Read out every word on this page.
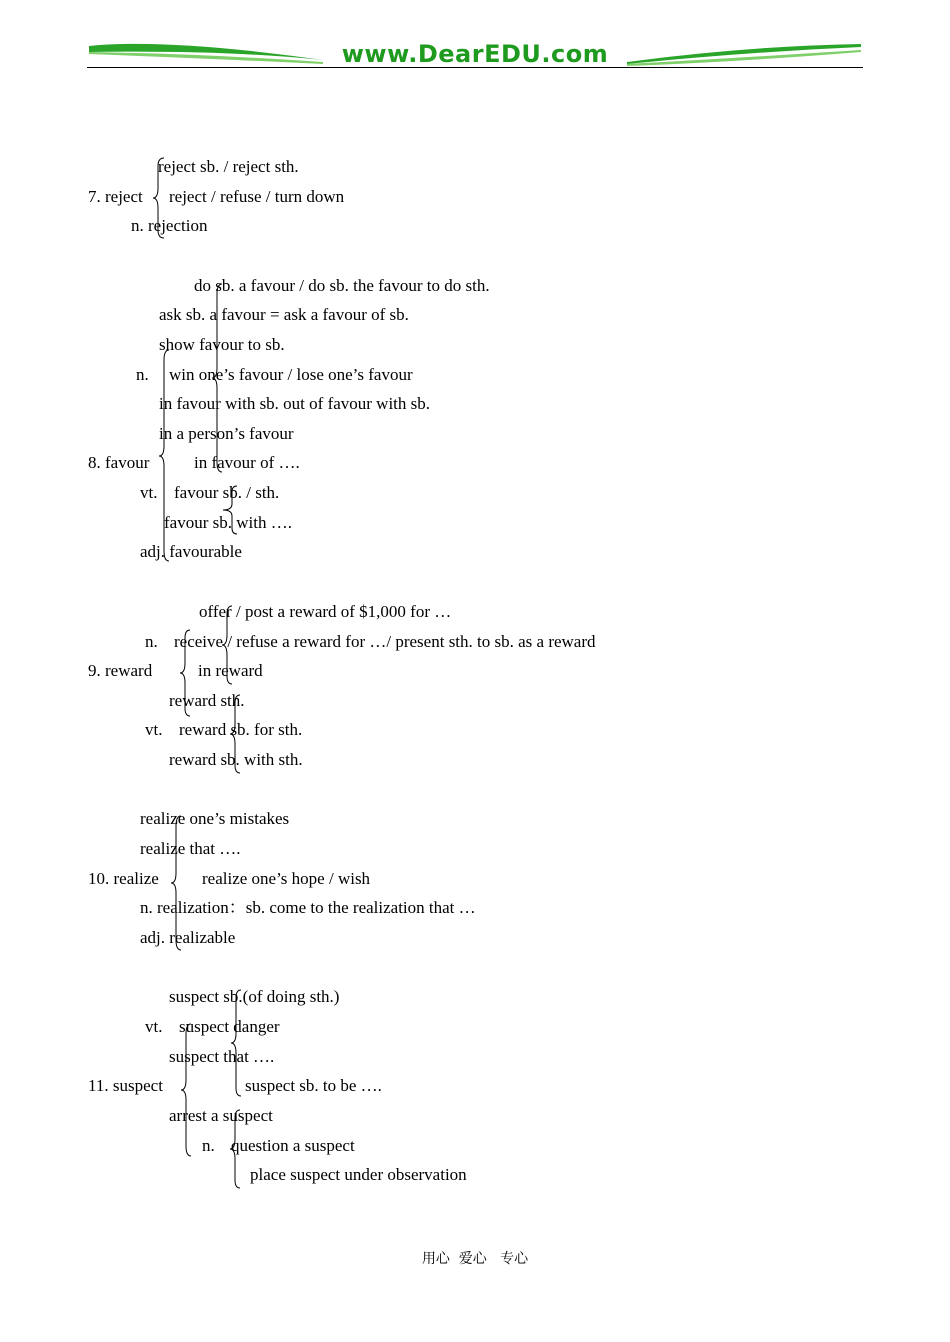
www.DearEDU.com
reject sb. / reject sth.
7. reject reject / refuse / turn down
n. rejection
do sb. a favour / do sb. the favour to do sth.
ask sb. a favour = ask a favour of sb.
show favour to sb.
n. win one’s favour / lose one’s favour
in favour with sb. out of favour with sb.
in a person’s favour
8. favour	in favour of ….
vt. favour sb. / sth.
favour sb. with ….
adj. favourable
offer / post a reward of $1,000 for …
n. receive / refuse a reward for …/ present sth. to sb. as a reward
9. reward	in reward
reward sth.
vt. reward sb. for sth.
reward sb. with sth.
realize one’s mistakes
realize that ….
10. realize	realize one’s hope / wish
n. realization：sb. come to the realization that …
adj. realizable
suspect sb.(of doing sth.)
vt. suspect danger
suspect that ….
11. suspect	suspect sb. to be ….
arrest a suspect
n. question a suspect
place suspect under observation
用心  爱心   专心
